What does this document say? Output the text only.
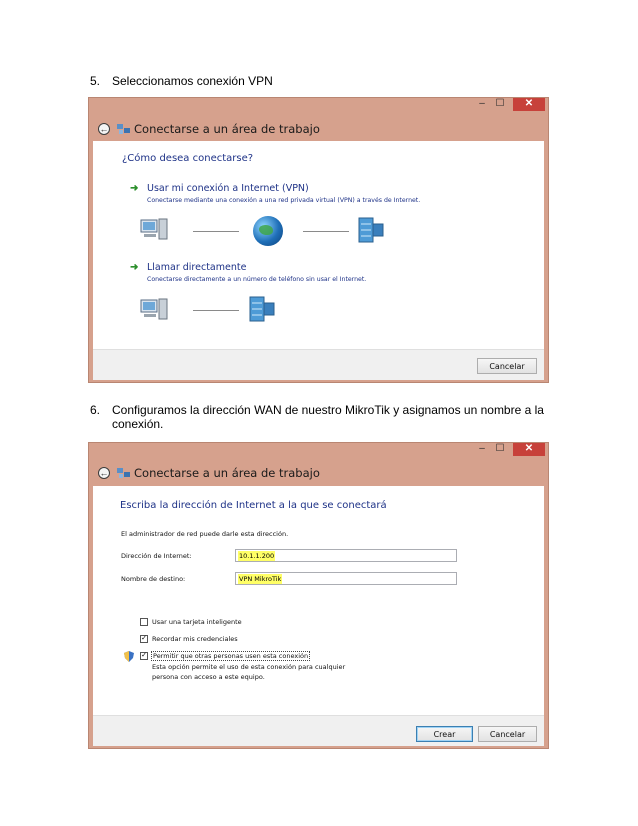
5. Seleccionamos conexión VPN
–	☐	✕
← Conectarse a un área de trabajo
¿Cómo desea conectarse?
➜ Usar mi conexión a Internet (VPN)
Conectarse mediante una conexión a una red privada virtual (VPN) a través de Internet.
➜ Llamar directamente
Conectarse directamente a un número de teléfono sin usar el Internet.
Cancelar
6. Configuramos la dirección WAN de nuestro MikroTik y asignamos un nombre a la conexión.
–	☐	✕
← Conectarse a un área de trabajo
Escriba la dirección de Internet a la que se conectará
El administrador de red puede darle esta dirección.
Dirección de Internet:	10.1.1.200
Nombre de destino:	VPN MikroTik
Usar una tarjeta inteligente
✓ Recordar mis credenciales
✓ Permitir que otras personas usen esta conexión
Esta opción permite el uso de esta conexión para cualquier
persona con acceso a este equipo.
Crear	Cancelar
